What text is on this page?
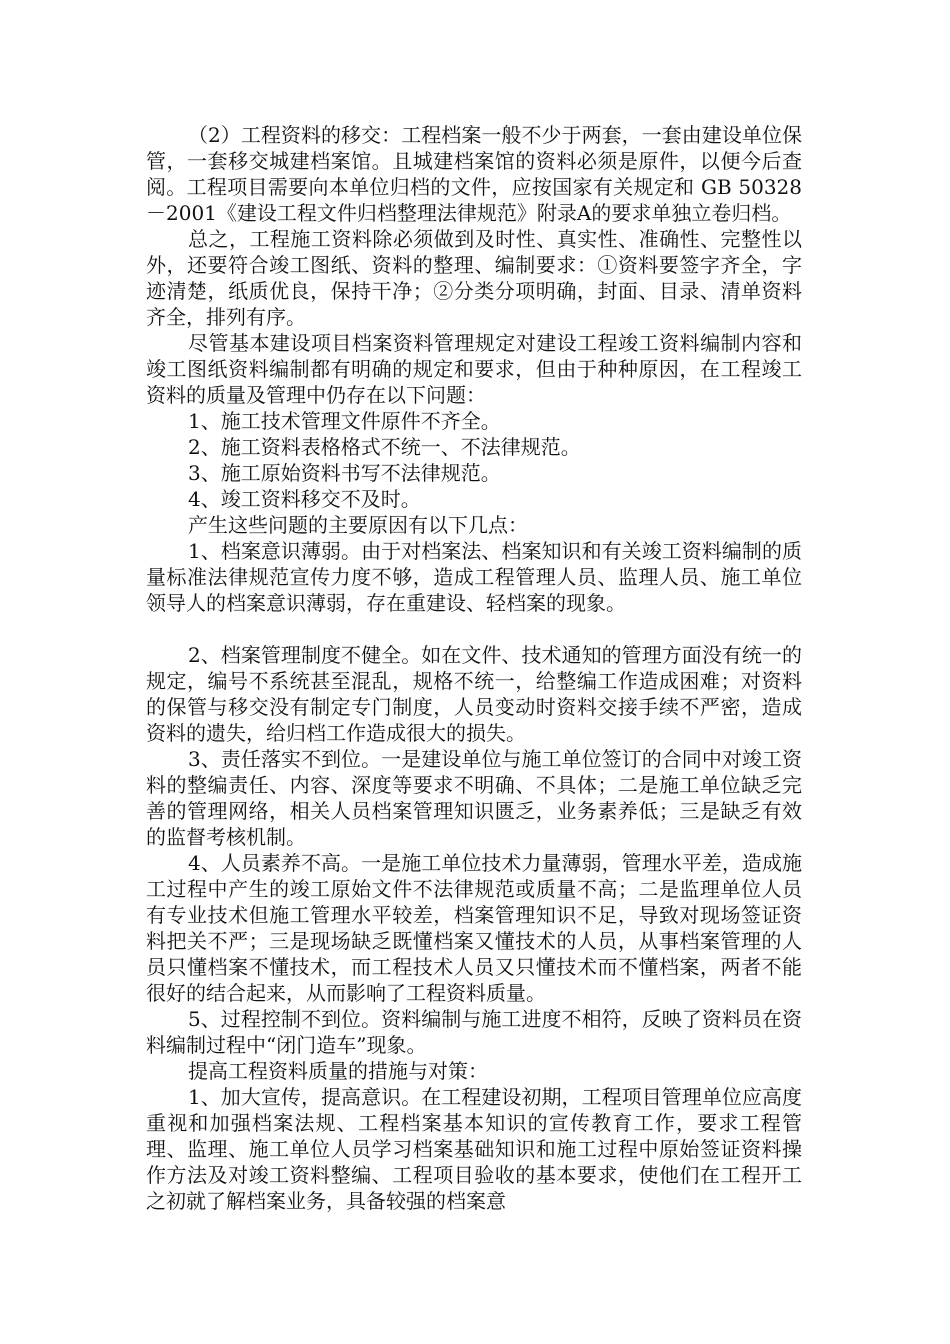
（2）工程资料的移交：工程档案一般不少于两套，一套由建设单位保管，一套移交城建档案馆。且城建档案馆的资料必须是原件，以便今后查阅。工程项目需要向本单位归档的文件，应按国家有关规定和 GB 50328－2001《建设工程文件归档整理法律规范》附录A的要求单独立卷归档。

总之，工程施工资料除必须做到及时性、真实性、准确性、完整性以外，还要符合竣工图纸、资料的整理、编制要求：①资料要签字齐全，字迹清楚，纸质优良，保持干净；②分类分项明确，封面、目录、清单资料齐全，排列有序。

尽管基本建设项目档案资料管理规定对建设工程竣工资料编制内容和竣工图纸资料编制都有明确的规定和要求，但由于种种原因，在工程竣工资料的质量及管理中仍存在以下问题：

1、施工技术管理文件原件不齐全。

2、施工资料表格格式不统一、不法律规范。

3、施工原始资料书写不法律规范。

4、竣工资料移交不及时。

产生这些问题的主要原因有以下几点：

1、档案意识薄弱。由于对档案法、档案知识和有关竣工资料编制的质量标准法律规范宣传力度不够，造成工程管理人员、监理人员、施工单位领导人的档案意识薄弱，存在重建设、轻档案的现象。

2、档案管理制度不健全。如在文件、技术通知的管理方面没有统一的规定，编号不系统甚至混乱，规格不统一，给整编工作造成困难；对资料的保管与移交没有制定专门制度，人员变动时资料交接手续不严密，造成资料的遗失，给归档工作造成很大的损失。

3、责任落实不到位。一是建设单位与施工单位签订的合同中对竣工资料的整编责任、内容、深度等要求不明确、不具体；二是施工单位缺乏完善的管理网络，相关人员档案管理知识匮乏，业务素养低；三是缺乏有效的监督考核机制。

4、人员素养不高。一是施工单位技术力量薄弱，管理水平差，造成施工过程中产生的竣工原始文件不法律规范或质量不高；二是监理单位人员有专业技术但施工管理水平较差，档案管理知识不足，导致对现场签证资料把关不严；三是现场缺乏既懂档案又懂技术的人员，从事档案管理的人员只懂档案不懂技术，而工程技术人员又只懂技术而不懂档案，两者不能很好的结合起来，从而影响了工程资料质量。

5、过程控制不到位。资料编制与施工进度不相符，反映了资料员在资料编制过程中“闭门造车”现象。

提高工程资料质量的措施与对策：

1、加大宣传，提高意识。在工程建设初期，工程项目管理单位应高度重视和加强档案法规、工程档案基本知识的宣传教育工作，要求工程管理、监理、施工单位人员学习档案基础知识和施工过程中原始签证资料操作方法及对竣工资料整编、工程项目验收的基本要求，使他们在工程开工之初就了解档案业务，具备较强的档案意
